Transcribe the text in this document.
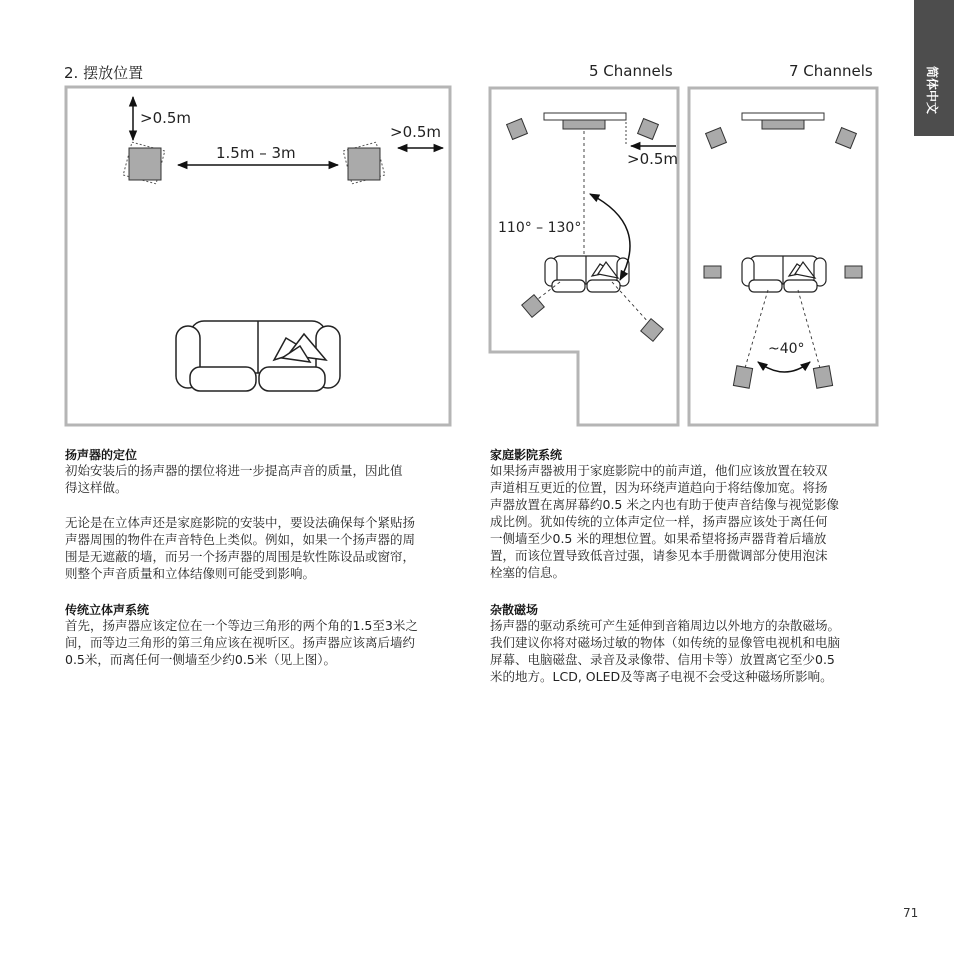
简体中文
2. 摆放位置	5 Channels	7 Channels
>0.5m
>0.5m
1.5m – 3m	>0.5m
110° – 130°
~40°
扬声器的定位
初始安装后的扬声器的摆位将进一步提高声音的质量，因此值
得这样做。
无论是在立体声还是家庭影院的安装中，要设法确保每个紧贴扬
声器周围的物件在声音特色上类似。例如，如果一个扬声器的周
围是无遮蔽的墙，而另一个扬声器的周围是软性陈设品或窗帘，
则整个声音质量和立体结像则可能受到影响。
传统立体声系统
首先，扬声器应该定位在一个等边三角形的两个角的1.5至3米之
间，而等边三角形的第三角应该在视听区。扬声器应该离后墙约
0.5米，而离任何一侧墙至少约0.5米（见上图）。
家庭影院系统
如果扬声器被用于家庭影院中的前声道，他们应该放置在较双
声道相互更近的位置，因为环绕声道趋向于将结像加宽。将扬
声器放置在离屏幕约0.5 米之内也有助于使声音结像与视觉影像
成比例。犹如传统的立体声定位一样，扬声器应该处于离任何
一侧墙至少0.5 米的理想位置。如果希望将扬声器背着后墙放
置，而该位置导致低音过强，请参见本手册微调部分使用泡沫
栓塞的信息。
杂散磁场
扬声器的驱动系统可产生延伸到音箱周边以外地方的杂散磁场。
我们建议你将对磁场过敏的物体（如传统的显像管电视机和电脑
屏幕、电脑磁盘、录音及录像带、信用卡等）放置离它至少0.5
米的地方。LCD, OLED及等离子电视不会受这种磁场所影响。
71
